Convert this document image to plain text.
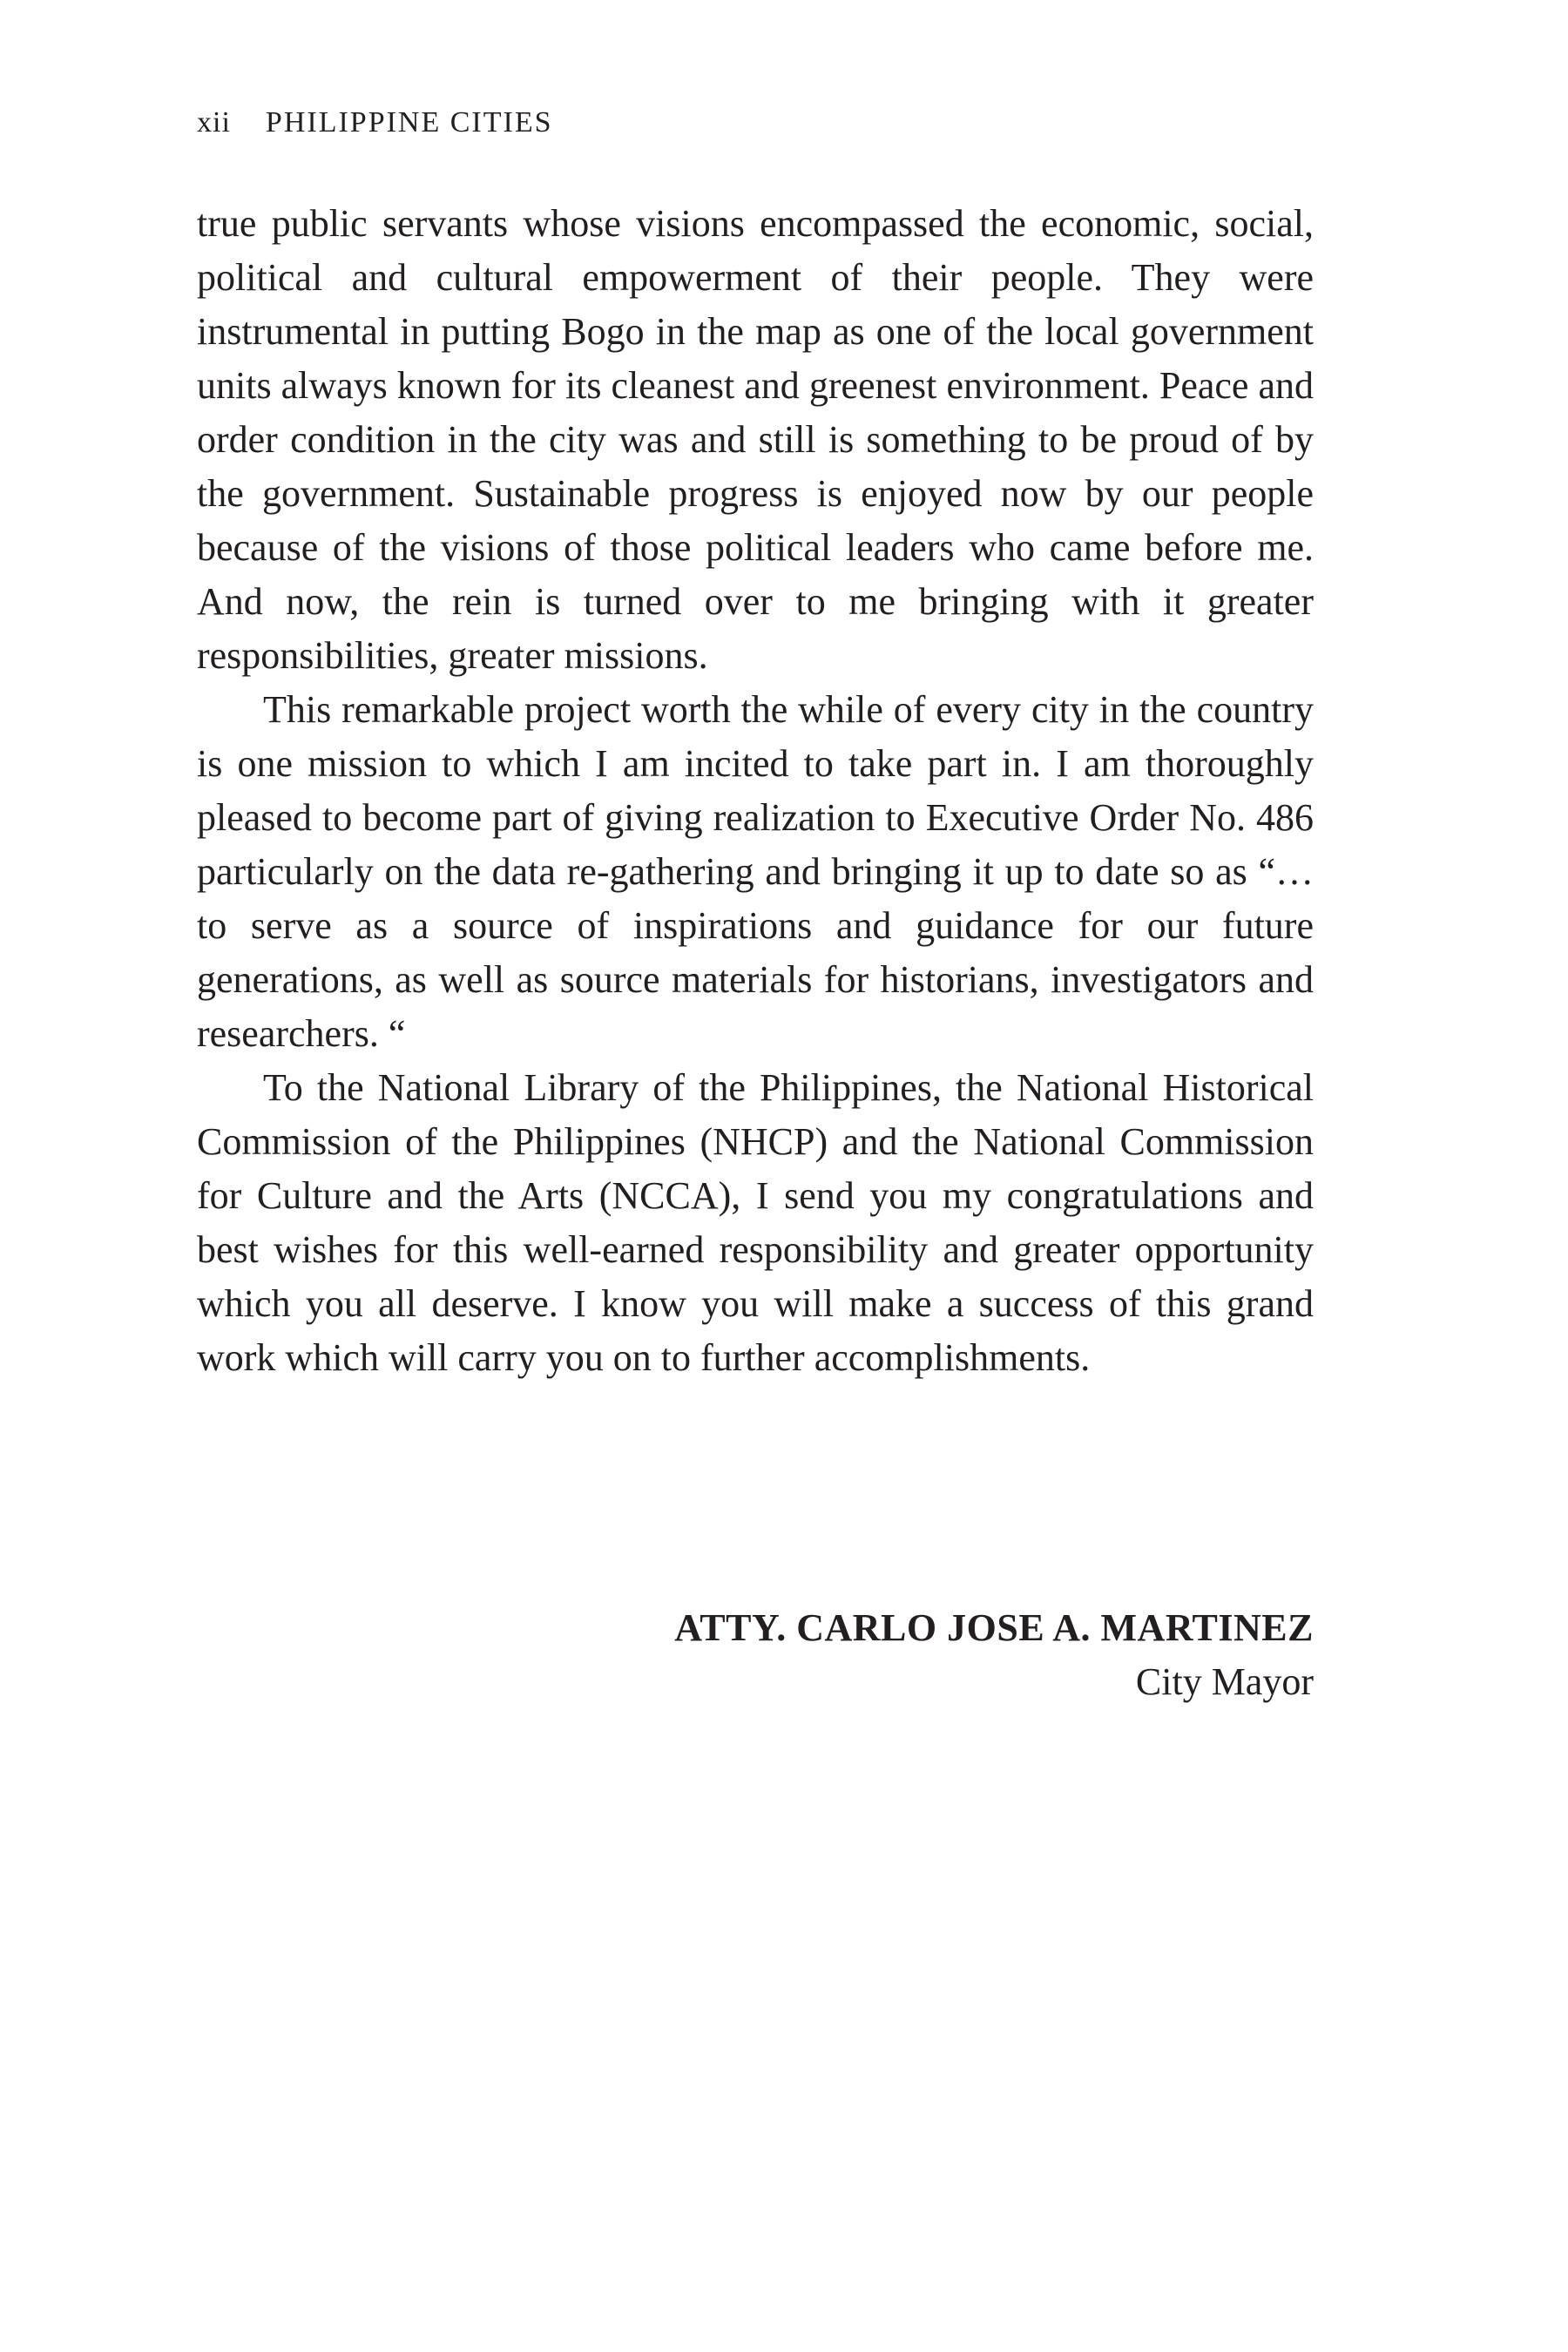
xii PHILIPPINE CITIES

true public servants whose visions encompassed the economic, social, political and cultural empowerment of their people. They were instrumental in putting Bogo in the map as one of the local government units always known for its cleanest and greenest environment. Peace and order condition in the city was and still is something to be proud of by the government. Sustainable progress is enjoyed now by our people because of the visions of those political leaders who came before me. And now, the rein is turned over to me bringing with it greater responsibilities, greater missions.

This remarkable project worth the while of every city in the country is one mission to which I am incited to take part in. I am thoroughly pleased to become part of giving realization to Executive Order No. 486 particularly on the data re-gathering and bringing it up to date so as “…to serve as a source of inspirations and guidance for our future generations, as well as source materials for historians, investigators and researchers. “

To the National Library of the Philippines, the National Historical Commission of the Philippines (NHCP) and the National Commission for Culture and the Arts (NCCA), I send you my congratulations and best wishes for this well-earned responsibility and greater opportunity which you all deserve. I know you will make a success of this grand work which will carry you on to further accomplishments.

ATTY. CARLO JOSE A. MARTINEZ
City Mayor
